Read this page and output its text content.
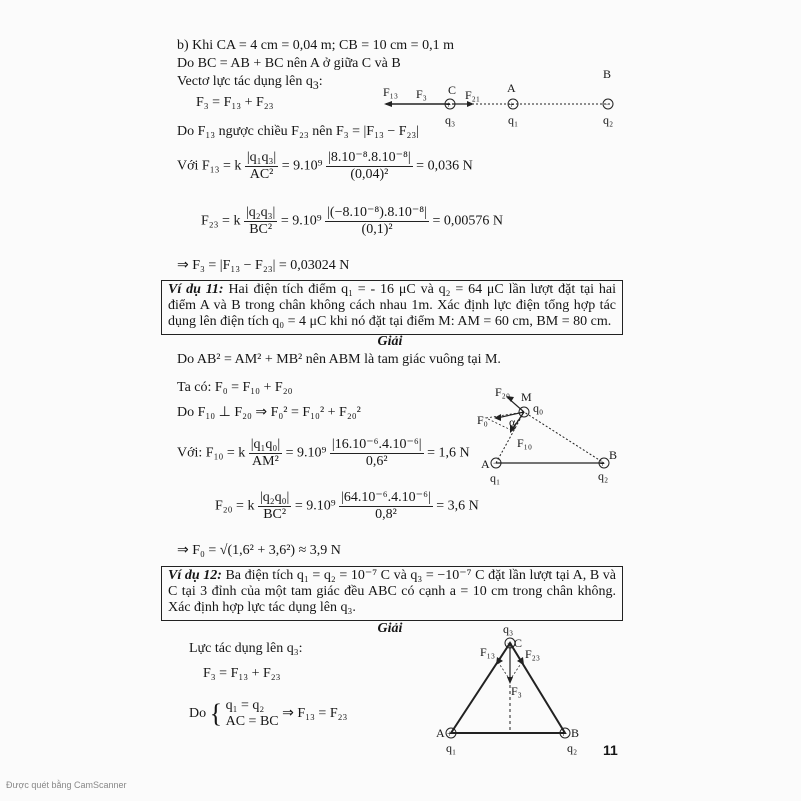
b) Khi CA = 4 cm = 0,04 m; CB = 10 cm = 0,1 m
Do BC = AB + BC nên A ở giữa C và B
Vectơ lực tác dụng lên $q_3$:
F₃ = F₁₃ + F₂₃
Do F₁₃ ngược chiều F₂₃ nên F₃ = |F₁₃ − F₂₃|
Với F₁₃ = k $\frac{\text{|q₁q₃|}}{\text{AC²}} = 9.10^9 \frac{\text{|8.10⁻⁸.8.10⁻⁸|}}{\text{(0,04)²}} = 0,036$ N
F₂₃ = k $\frac{\text{|q₂q₃|}}{\text{BC²}} = 9.10^9 \frac{\text{|(−8.10⁻⁸).8.10⁻⁸|}}{\text{(0,1)²}} = 0,00576$ N
⇒ F₃ = |F₁₃ − F₂₃| = 0,03024 N
+	+	−
B
F₁₃ F₃ C F₂₁ A
q₃	q₁	q₂
Ví dụ 11: Hai điện tích điểm q₁ = - 16 μC và q₂ = 64 μC lần lượt đặt tại hai điểm A và B trong chân không cách nhau 1m. Xác định lực điện tổng hợp tác dụng lên điện tích q₀ = 4 μC khi nó đặt tại điểm M: AM = 60 cm, BM = 80 cm.
Giải
Do AB² = AM² + MB² nên ABM là tam giác vuông tại M.
Ta có: F₀ = F₁₀ + F₂₀
Do F₁₀ ⊥ F₂₀ ⇒ F₀² = F₁₀² + F₂₀²
Với: F₁₀ = k $\frac{\text{|q₁q₀|}}{\text{AM²}} = 9.10^9 \frac{\text{|16.10⁻⁶.4.10⁻⁶|}}{\text{0,6²}} = 1,6$ N
F₂₀ = k $\frac{\text{|q₂q₀|}}{\text{BC²}} = 9.10^9 \frac{\text{|64.10⁻⁶.4.10⁻⁶|}}{\text{0,8²}} = 3,6$ N
⇒ F₀ = √(1,6² + 3,6²) ≈ 3,9 N
+
−	+
F₂₀ M
q₀
F₀ α
F₁₀
A
B
q₁	q₂
Ví dụ 12: Ba điện tích q₁ = q₂ = 10⁻⁷ C và q₃ = −10⁻⁷ C đặt lần lượt tại A, B và C tại 3 đỉnh của một tam giác đều ABC có cạnh a = 10 cm trong chân không. Xác định hợp lực tác dụng lên q₃.
Giải
Lực tác dụng lên q₃:
F₃ = F₁₃ + F₂₃
Do { q₁ = q₂
AC = BC
⇒ F₁₃ = F₂₃
−
+	+
q₃
F₁₃
C
F₂₃
F₃
A	B
q₁	q₂ 11
Được quét bằng CamScanner
